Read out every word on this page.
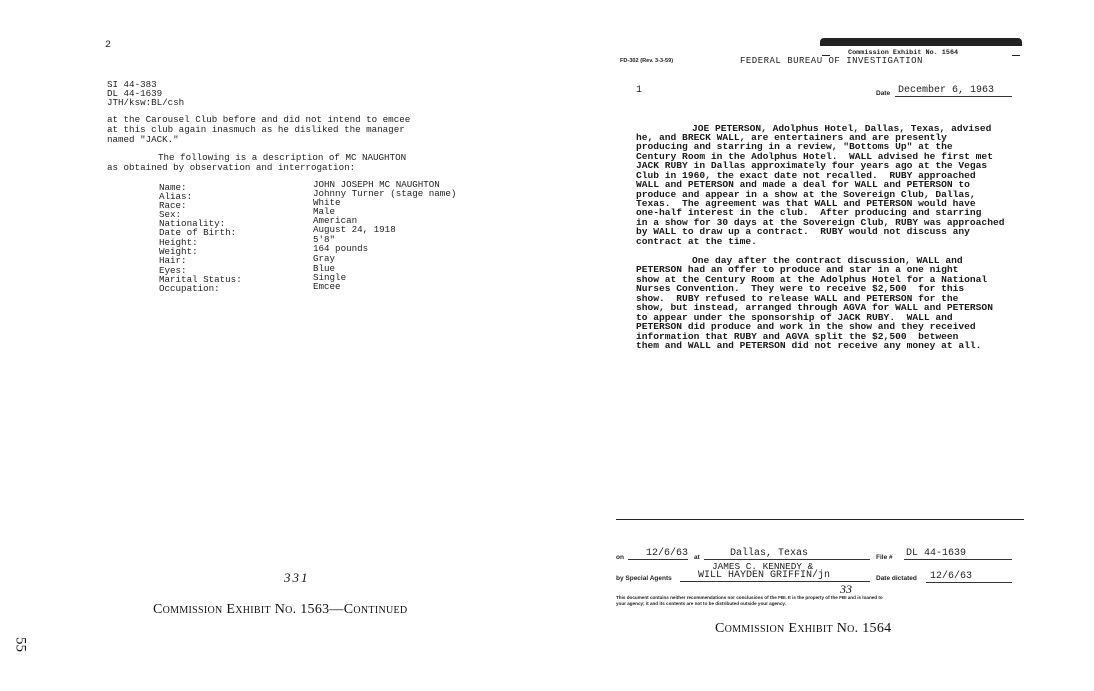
2
SI 44-383
DL 44-1639
JTH/ksw:BL/csh
at the Carousel Club before and did not intend to emcee
at this club again inasmuch as he disliked the manager
named "JACK."
The following is a description of MC NAUGHTON
as obtained by observation and interrogation:
Name:	JOHN JOSEPH MC NAUGHTON
Alias:	Johnny Turner (stage name)
Race:	White
Sex:	Male
Nationality:	American
Date of Birth:	August 24, 1918
Height:	5'8"
Weight:	164 pounds
Hair:	Gray
Eyes:	Blue
Marital Status:	Single
Occupation:	Emcee
331
Commission Exhibit No. 1563—Continued
55
Commission Exhibit No. 1564
FD-302 (Rev. 3-3-59)	FEDERAL BUREAU OF INVESTIGATION
1	Date December 6, 1963
JOE PETERSON, Adolphus Hotel, Dallas, Texas, advised
he, and BRECK WALL, are entertainers and are presently
producing and starring in a review, "Bottoms Up" at the
Century Room in the Adolphus Hotel.  WALL advised he first met
JACK RUBY in Dallas approximately four years ago at the Vegas
Club in 1960, the exact date not recalled.  RUBY approached
WALL and PETERSON and made a deal for WALL and PETERSON to
produce and appear in a show at the Sovereign Club, Dallas,
Texas.  The agreement was that WALL and PETERSON would have
one-half interest in the club.  After producing and starring
in a show for 30 days at the Sovereign Club, RUBY was approached
by WALL to draw up a contract.  RUBY would not discuss any
contract at the time.
One day after the contract discussion, WALL and
PETERSON had an offer to produce and star in a one night
show at the Century Room at the Adolphus Hotel for a National
Nurses Convention.  They were to receive $2,500  for this
show.  RUBY refused to release WALL and PETERSON for the
show, but instead, arranged through AGVA for WALL and PETERSON
to appear under the sponsorship of JACK RUBY.  WALL and
PETERSON did produce and work in the show and they received
information that RUBY and AGVA split the $2,500  between
them and WALL and PETERSON did not receive any money at all.
on 12/6/63 at	Dallas, Texas	File # DL 44-1639
JAMES C. KENNEDY &
by Special Agents	WILL HAYDEN GRIFFIN/jn
33
Date dictated 12/6/63
This document contains neither recommendations nor conclusions of the FBI. It is the property of the FBI and is loaned to
your agency; it and its contents are not to be distributed outside your agency.
Commission Exhibit No. 1564
